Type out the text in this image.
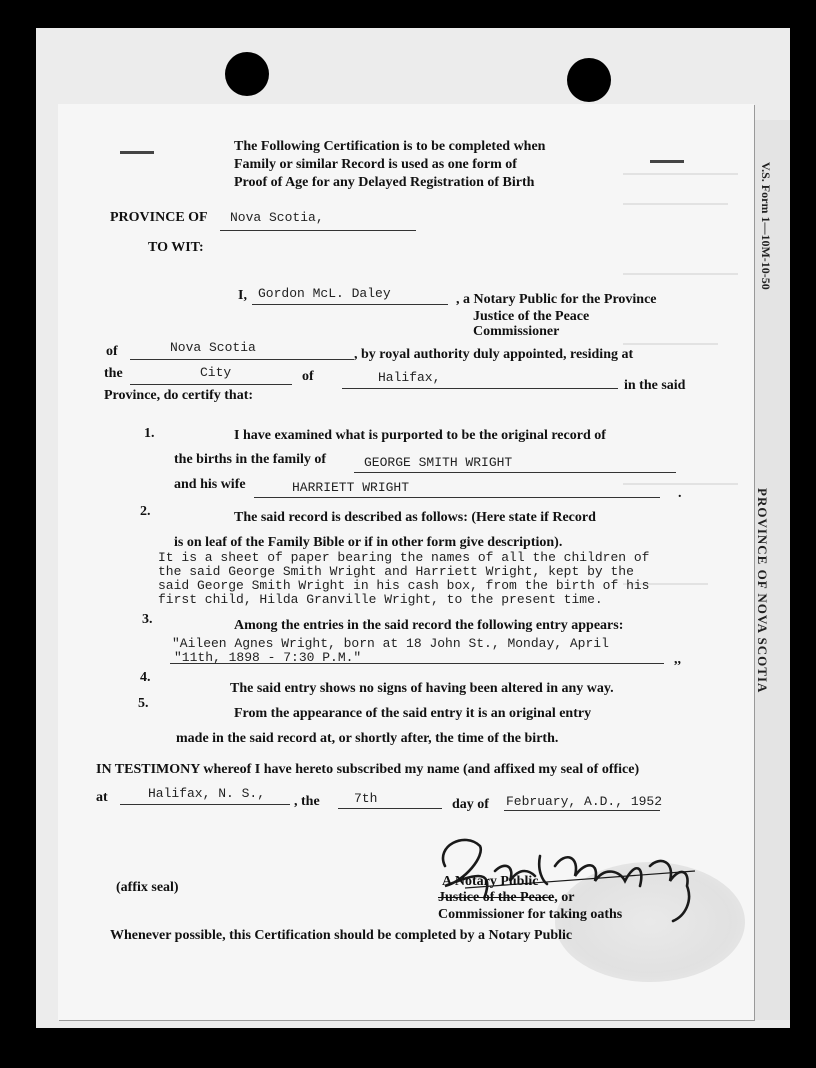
V.S. Form 1—10M-10-50
PROVINCE OF NOVA SCOTIA
The Following Certification is to be completed when
Family or similar Record is used as one form of
Proof of Age for any Delayed Registration of Birth
PROVINCE OF Nova Scotia,
TO WIT:
I, Gordon McL. Daley	, a Notary Public for the Province
Justice of the Peace
Commissioner
of	Nova Scotia	, by royal authority duly appointed, residing at
the	City	of	Halifax,
in the said
Province, do certify that:
1.	I have examined what is purported to be the original record of
the births in the family of	GEORGE SMITH WRIGHT
and his wife	HARRIETT WRIGHT	.
2.	The said record is described as follows: (Here state if Record
is on leaf of the Family Bible or if in other form give description).
It is a sheet of paper bearing the names of all the children of
the said George Smith Wright and Harriett Wright, kept by the
said George Smith Wright in his cash box, from the birth of his
first child, Hilda Granville Wright, to the present time.
3.	Among the entries in the said record the following entry appears:
"Aileen Agnes Wright, born at 18 John St., Monday, April
"11th, 1898 - 7:30 P.M."	,,
4.
The said entry shows no signs of having been altered in any way.
5.
From the appearance of the said entry it is an original entry
made in the said record at, or shortly after, the time of the birth.
IN TESTIMONY whereof I have hereto subscribed my name (and affixed my seal of office)
at	Halifax, N. S.,
, the	7th	day of February, A.D., 1952
A Notary Public
Justice of the Peace, or
Commissioner for taking oaths
(affix seal)
Whenever possible, this Certification should be completed by a Notary Public
